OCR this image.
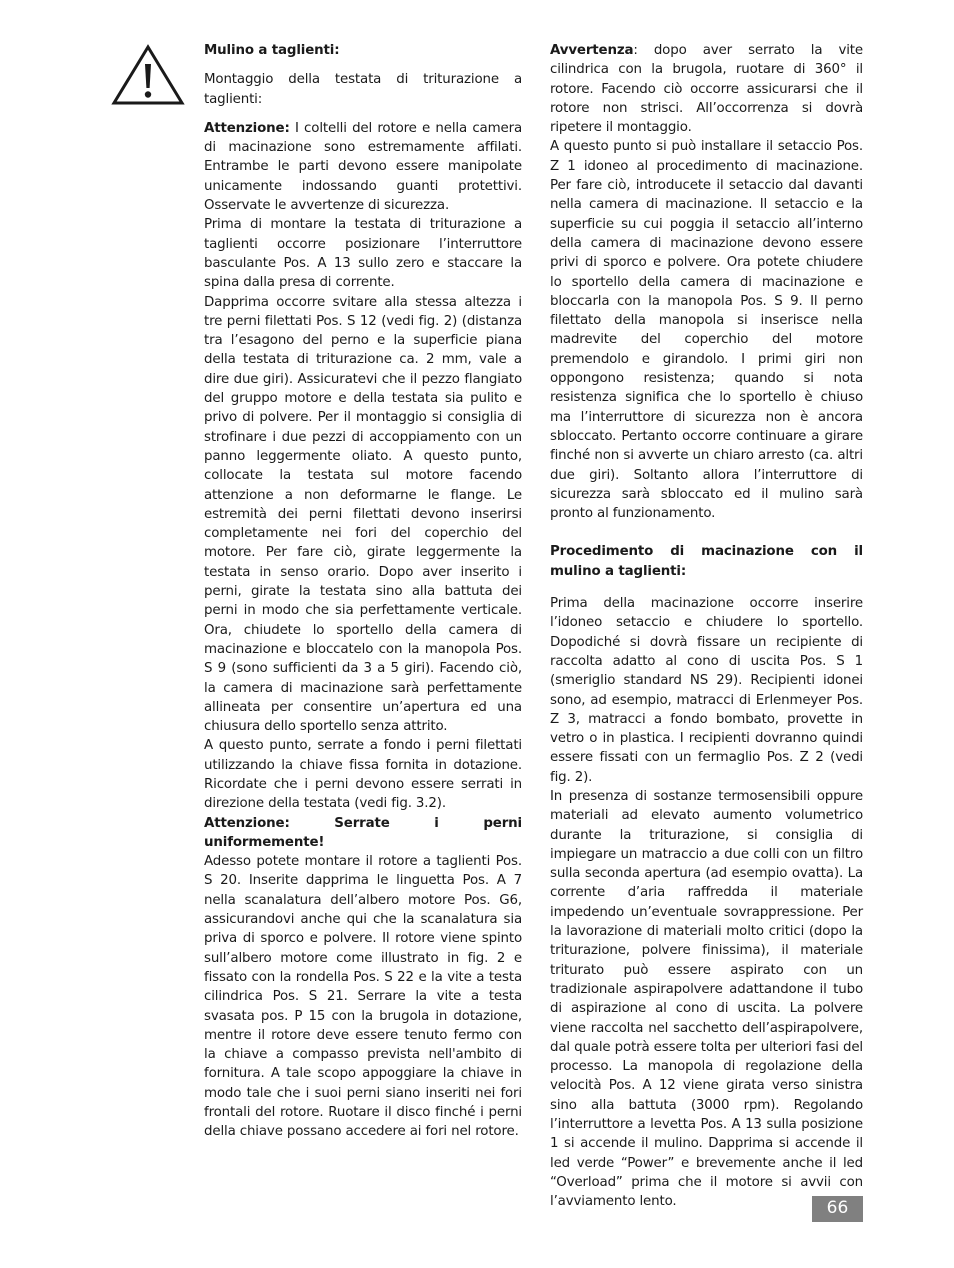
Mulino a taglienti:

Montaggio della testata di triturazione a taglienti:

Attenzione: I coltelli del rotore e nella camera di macinazione sono estremamente affilati. Entrambe le parti devono essere manipolate unicamente indossando guanti protettivi. Osservate le avvertenze di sicurezza.

Prima di montare la testata di triturazione a taglienti occorre posizionare l’interruttore basculante Pos. A 13 sullo zero e staccare la spina dalla presa di corrente.

Dapprima occorre svitare alla stessa altezza i tre perni filettati Pos. S 12 (vedi fig. 2) (distanza tra l’esagono del perno e la superficie piana della testata di triturazione ca. 2 mm, vale a dire due giri). Assicuratevi che il pezzo flangiato del gruppo motore e della testata sia pulito e privo di polvere. Per il montaggio si consiglia di strofinare i due pezzi di accoppiamento con un panno leggermente oliato. A questo punto, collocate la testata sul motore facendo attenzione a non deformarne le flange. Le estremità dei perni filettati devono inserirsi completamente nei fori del coperchio del motore. Per fare ciò, girate leggermente la testata in senso orario. Dopo aver inserito i perni, girate la testata sino alla battuta dei perni in modo che sia perfettamente verticale. Ora, chiudete lo sportello della camera di macinazione e bloccatelo con la manopola Pos. S 9 (sono sufficienti da 3 a 5 giri). Facendo ciò, la camera di macinazione sarà perfettamente allineata per consentire un’apertura ed una chiusura dello sportello senza attrito.

A questo punto, serrate a fondo i perni filettati utilizzando la chiave fissa fornita in dotazione. Ricordate che i perni devono essere serrati in direzione della testata (vedi fig. 3.2).

Attenzione: Serrate i perni uniformemente!

Adesso potete montare il rotore a taglienti Pos. S 20. Inserite dapprima le linguetta Pos. A 7 nella scanalatura dell’albero motore Pos. G6, assicurandovi anche qui che la scanalatura sia priva di sporco e polvere. Il rotore viene spinto sull’albero motore come illustrato in fig. 2 e fissato con la rondella Pos. S 22 e la vite a testa cilindrica Pos. S 21. Serrare la vite a testa svasata pos. P 15 con la brugola in dotazione, mentre il rotore deve essere tenuto fermo con la chiave a compasso prevista nell'ambito di fornitura. A tale scopo appoggiare la chiave in modo tale che i suoi perni siano inseriti nei fori frontali del rotore. Ruotare il disco finché i perni della chiave possano accedere ai fori nel rotore.

Avvertenza: dopo aver serrato la vite cilindrica con la brugola, ruotare di 360° il rotore. Facendo ciò occorre assicurarsi che il rotore non strisci. All’occorrenza si dovrà ripetere il montaggio.

A questo punto si può installare il setaccio Pos. Z 1 idoneo al procedimento di macinazione. Per fare ciò, introducete il setaccio dal davanti nella camera di macinazione. Il setaccio e la superficie su cui poggia il setaccio all’interno della camera di macinazione devono essere privi di sporco e polvere. Ora potete chiudere lo sportello della camera di macinazione e bloccarla con la manopola Pos. S 9. Il perno filettato della manopola si inserisce nella madrevite del coperchio del motore premendolo e girandolo. I primi giri non oppongono resistenza; quando si nota resistenza significa che lo sportello è chiuso ma l’interruttore di sicurezza non è ancora sbloccato. Pertanto occorre continuare a girare finché non si avverte un chiaro arresto (ca. altri due giri). Soltanto allora l’interruttore di sicurezza sarà sbloccato ed il mulino sarà pronto al funzionamento.

Procedimento di macinazione con il mulino a taglienti:

Prima della macinazione occorre inserire l’idoneo setaccio e chiudere lo sportello. Dopodiché si dovrà fissare un recipiente di raccolta adatto al cono di uscita Pos. S 1 (smeriglio standard NS 29). Recipienti idonei sono, ad esempio, matracci di Erlenmeyer Pos. Z 3, matracci a fondo bombato, provette in vetro o in plastica. I recipienti dovranno quindi essere fissati con un fermaglio Pos. Z 2 (vedi fig. 2).

In presenza di sostanze termosensibili oppure materiali ad elevato aumento volumetrico durante la triturazione, si consiglia di impiegare un matraccio a due colli con un filtro sulla seconda apertura (ad esempio ovatta). La corrente d’aria raffredda il materiale impedendo un’eventuale sovrappressione. Per la lavorazione di materiali molto critici (dopo la triturazione, polvere finissima), il materiale triturato può essere aspirato con un tradizionale aspirapolvere adattandone il tubo di aspirazione al cono di uscita. La polvere viene raccolta nel sacchetto dell’aspirapolvere, dal quale potrà essere tolta per ulteriori fasi del processo. La manopola di regolazione della velocità Pos. A 12 viene girata verso sinistra sino alla battuta (3000 rpm). Regolando l’interruttore a levetta Pos. A 13 sulla posizione 1 si accende il mulino. Dapprima si accende il led verde “Power” e brevemente anche il led “Overload” prima che il motore si avvii con l’avviamento lento.	66
